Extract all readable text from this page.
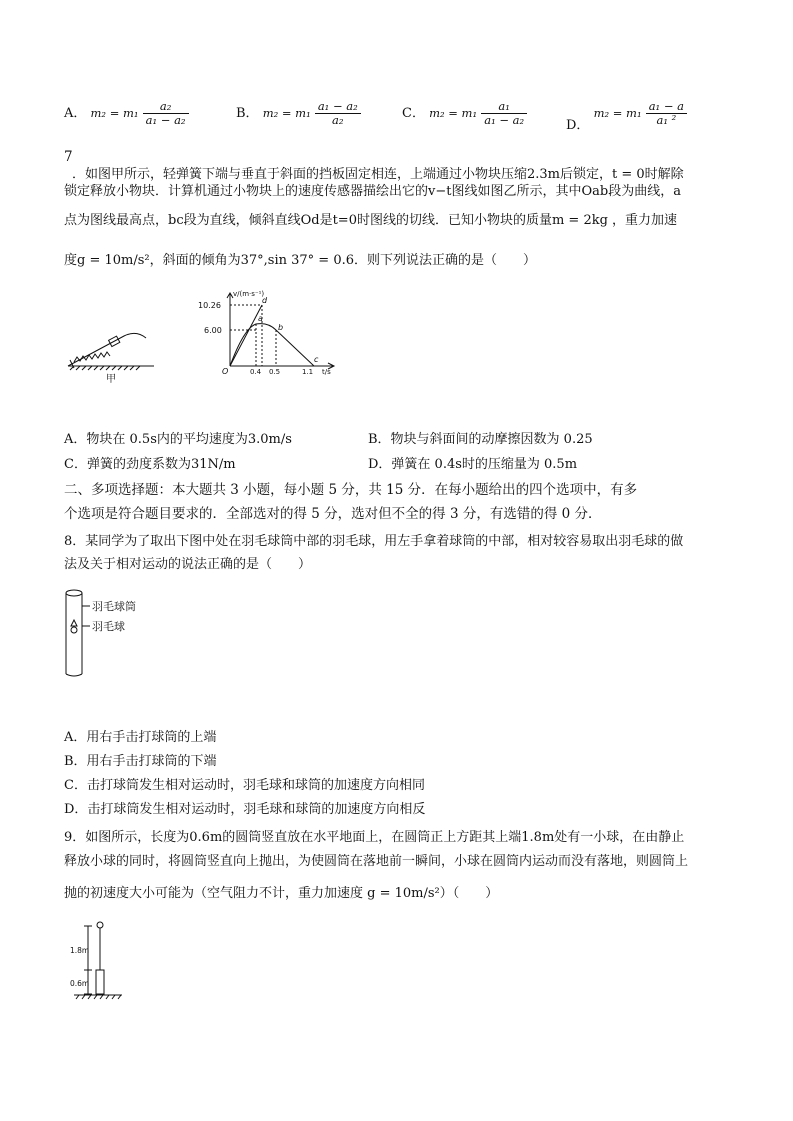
A． $m_2 = m_1 \frac{\text{a₂}}{\text{a₁ − a₂}}$	B． $m_2 = m_1 \frac{\text{a₁ − a₂}}{\text{a₂}}$	C． $m_2 = m_1 \frac{\text{a₁}}{\text{a₁ − a₂}}$	D． $m_2 = m_1 \frac{\text{a₁ − a}}{\text{a₁ ²}}$
7
．如图甲所示，轻弹簧下端与垂直于斜面的挡板固定相连，上端通过小物块压缩2.3m后锁定，t = 0时解除
锁定释放小物块．计算机通过小物块上的速度传感器描绘出它的v−t图线如图乙所示，其中Oab段为曲线，a
点为图线最高点，bc段为直线，倾斜直线Od是t=0时图线的切线．已知小物块的质量m = 2kg ，重力加速
度g = 10m/s²，斜面的倾角为37°,sin 37° = 0.6．则下列说法正确的是（　　）
甲
v/(m·s⁻¹)
10.26
6.00
O	0.4 0.5	1.1 t/s
a
b
c
d
A．物块在 0.5s内的平均速度为3.0m/s	B．物块与斜面间的动摩擦因数为 0.25
C．弹簧的劲度系数为31N/m	D．弹簧在 0.4s时的压缩量为 0.5m
二、多项选择题：本大题共 3 小题，每小题 5 分，共 15 分．在每小题给出的四个选项中，有多
个选项是符合题目要求的．全部选对的得 5 分，选对但不全的得 3 分，有选错的得 0 分．
8．某同学为了取出下图中处在羽毛球筒中部的羽毛球，用左手拿着球筒的中部，相对较容易取出羽毛球的做
法及关于相对运动的说法正确的是（　　）
羽毛球筒
羽毛球
A．用右手击打球筒的上端
B．用右手击打球筒的下端
C．击打球筒发生相对运动时，羽毛球和球筒的加速度方向相同
D．击打球筒发生相对运动时，羽毛球和球筒的加速度方向相反
9．如图所示，长度为0.6m的圆筒竖直放在水平地面上，在圆筒正上方距其上端1.8m处有一小球，在由静止
释放小球的同时，将圆筒竖直向上抛出，为使圆筒在落地前一瞬间，小球在圆筒内运动而没有落地，则圆筒上
抛的初速度大小可能为（空气阻力不计，重力加速度 g = 10m/s²）（　　）
1.8m
0.6m
